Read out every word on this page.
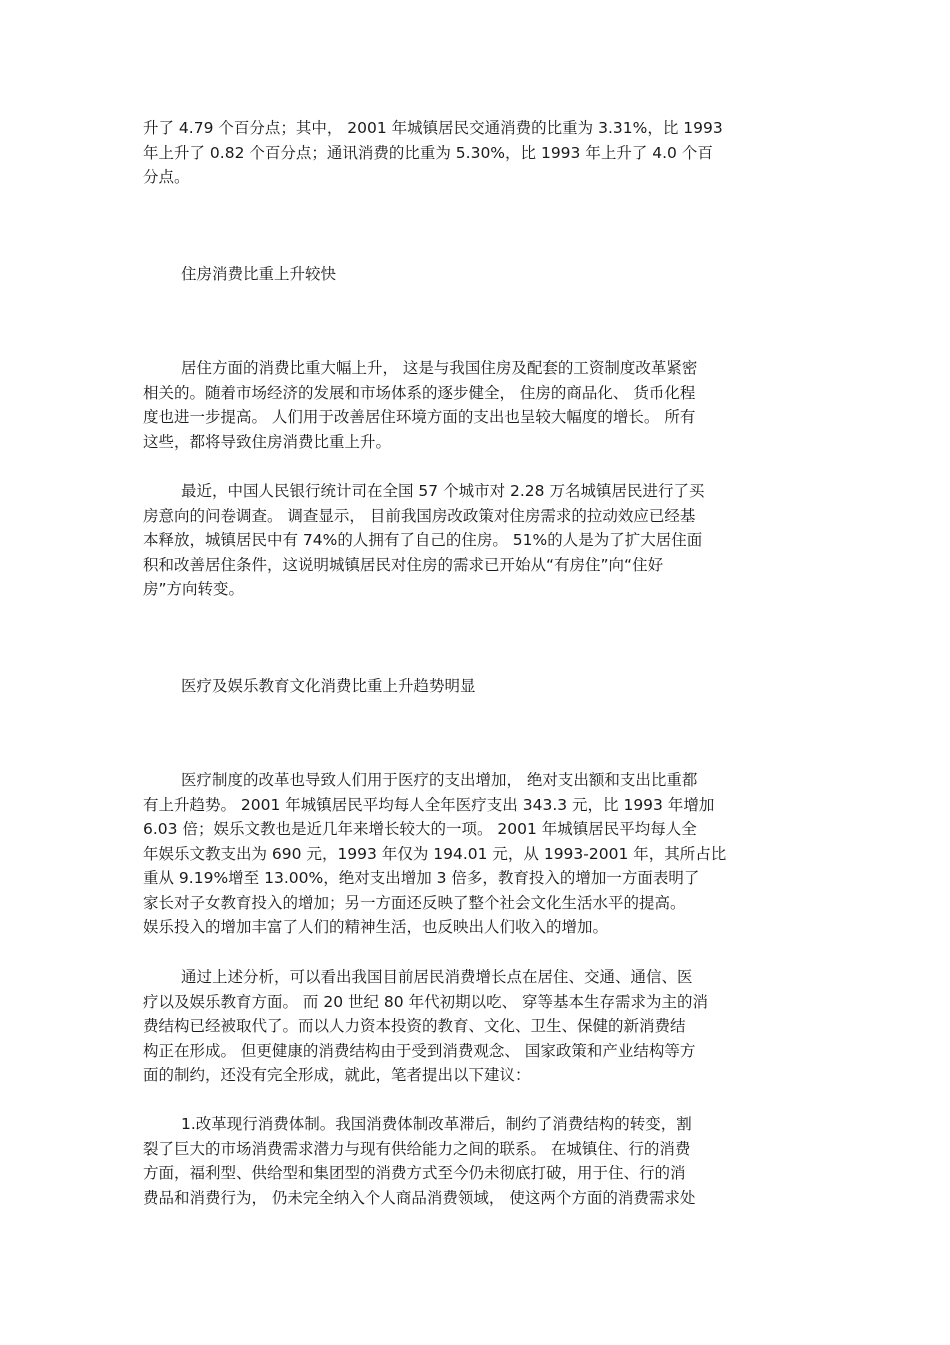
升了 4.79 个百分点；其中， 2001 年城镇居民交通消费的比重为 3.31%，比 1993
年上升了 0.82 个百分点；通讯消费的比重为 5.30%，比 1993 年上升了 4.0 个百
分点。

住房消费比重上升较快

居住方面的消费比重大幅上升， 这是与我国住房及配套的工资制度改革紧密
相关的。随着市场经济的发展和市场体系的逐步健全， 住房的商品化、 货币化程
度也进一步提高。 人们用于改善居住环境方面的支出也呈较大幅度的增长。 所有
这些，都将导致住房消费比重上升。

最近，中国人民银行统计司在全国 57 个城市对 2.28 万名城镇居民进行了买
房意向的问卷调查。 调查显示， 目前我国房改政策对住房需求的拉动效应已经基
本释放，城镇居民中有 74%的人拥有了自己的住房。 51%的人是为了扩大居住面
积和改善居住条件，这说明城镇居民对住房的需求已开始从“有房住”向“住好
房”方向转变。

医疗及娱乐教育文化消费比重上升趋势明显

医疗制度的改革也导致人们用于医疗的支出增加， 绝对支出额和支出比重都
有上升趋势。 2001 年城镇居民平均每人全年医疗支出 343.3 元，比 1993 年增加
6.03 倍；娱乐文教也是近几年来增长较大的一项。 2001 年城镇居民平均每人全
年娱乐文教支出为 690 元，1993 年仅为 194.01 元，从 1993-2001 年，其所占比
重从 9.19%增至 13.00%，绝对支出增加 3 倍多，教育投入的增加一方面表明了
家长对子女教育投入的增加；另一方面还反映了整个社会文化生活水平的提高。
娱乐投入的增加丰富了人们的精神生活，也反映出人们收入的增加。

通过上述分析，可以看出我国目前居民消费增长点在居住、交通、通信、医
疗以及娱乐教育方面。 而 20 世纪 80 年代初期以吃、 穿等基本生存需求为主的消
费结构已经被取代了。而以人力资本投资的教育、文化、卫生、保健的新消费结
构正在形成。 但更健康的消费结构由于受到消费观念、 国家政策和产业结构等方
面的制约，还没有完全形成，就此，笔者提出以下建议：

1.改革现行消费体制。我国消费体制改革滞后，制约了消费结构的转变，割
裂了巨大的市场消费需求潜力与现有供给能力之间的联系。 在城镇住、行的消费
方面，福利型、供给型和集团型的消费方式至今仍未彻底打破，用于住、行的消
费品和消费行为， 仍未完全纳入个人商品消费领域， 使这两个方面的消费需求处
